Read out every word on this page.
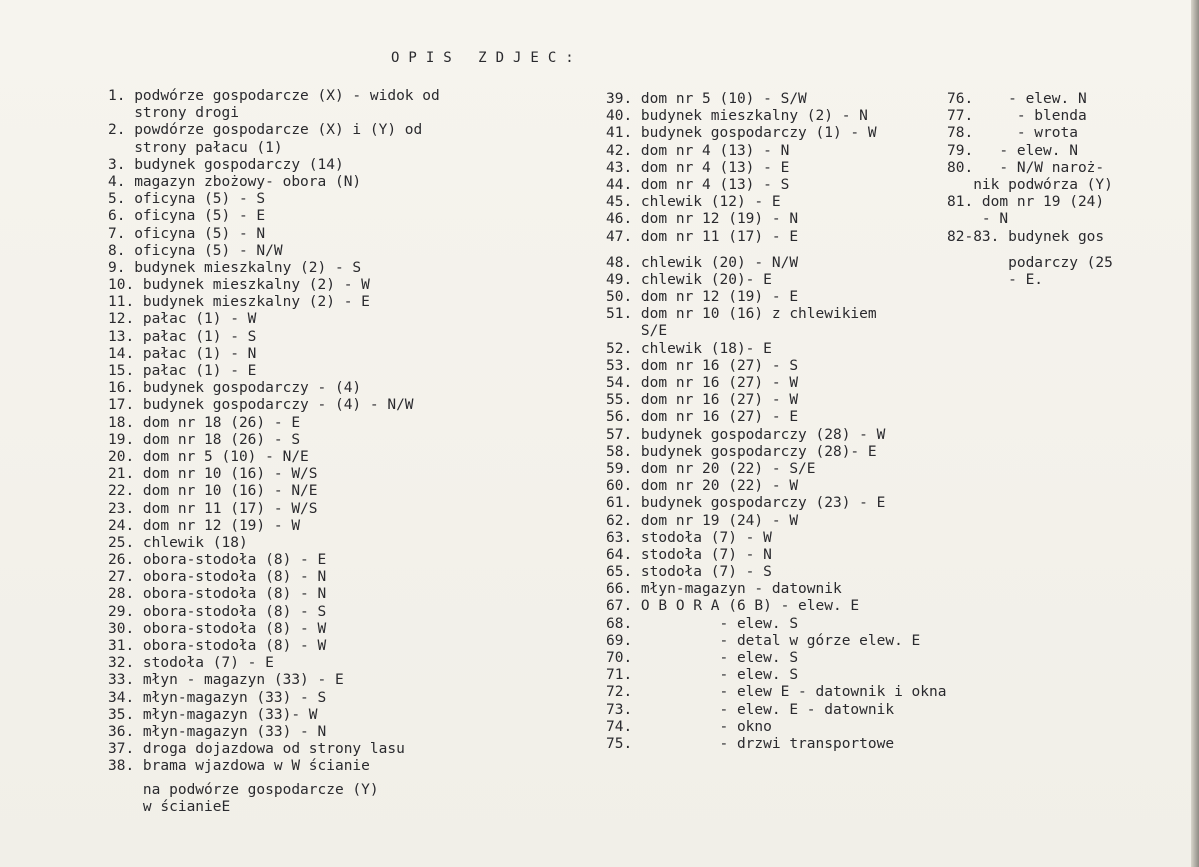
OPIS ZDJEC:
1. podwórze gospodarcze (X) - widok od
strony drogi
2. powdórze gospodarcze (X) i (Y) od
strony pałacu (1)
3. budynek gospodarczy (14)
4. magazyn zbożowy- obora (N)
5. oficyna (5) - S
6. oficyna (5) - E
7. oficyna (5) - N
8. oficyna (5) - N/W
9. budynek mieszkalny (2) - S
10. budynek mieszkalny (2) - W
11. budynek mieszkalny (2) - E
12. pałac (1) - W
13. pałac (1) - S
14. pałac (1) - N
15. pałac (1) - E
16. budynek gospodarczy - (4)
17. budynek gospodarczy - (4) - N/W
18. dom nr 18 (26) - E
19. dom nr 18 (26) - S
20. dom nr 5 (10) - N/E
21. dom nr 10 (16) - W/S
22. dom nr 10 (16) - N/E
23. dom nr 11 (17) - W/S
24. dom nr 12 (19) - W
25. chlewik (18)
26. obora-stodoła (8) - E
27. obora-stodoła (8) - N
28. obora-stodoła (8) - N
29. obora-stodoła (8) - S
30. obora-stodoła (8) - W
31. obora-stodoła (8) - W
32. stodoła (7) - E
33. młyn - magazyn (33) - E
34. młyn-magazyn (33) - S
35. młyn-magazyn (33)- W
36. młyn-magazyn (33) - N
37. droga dojazdowa od strony lasu
38. brama wjazdowa w W ścianie
na podwórze gospodarcze (Y)
w ścianieE
39. dom nr 5 (10) - S/W
40. budynek mieszkalny (2) - N
41. budynek gospodarczy (1) - W
42. dom nr 4 (13) - N
43. dom nr 4 (13) - E
44. dom nr 4 (13) - S
45. chlewik (12) - E
46. dom nr 12 (19) - N
47. dom nr 11 (17) - E
48. chlewik (20) - N/W
49. chlewik (20)- E
50. dom nr 12 (19) - E
51. dom nr 10 (16) z chlewikiem
S/E
52. chlewik (18)- E
53. dom nr 16 (27) - S
54. dom nr 16 (27) - W
55. dom nr 16 (27) - W
56. dom nr 16 (27) - E
57. budynek gospodarczy (28) - W
58. budynek gospodarczy (28)- E
59. dom nr 20 (22) - S/E
60. dom nr 20 (22) - W
61. budynek gospodarczy (23) - E
62. dom nr 19 (24) - W
63. stodoła (7) - W
64. stodoła (7) - N
65. stodoła (7) - S
66. młyn-magazyn - datownik
67. O B O R A (6 B) - elew. E
68.          - elew. S
69.          - detal w górze elew. E
70.          - elew. S
71.          - elew. S
72.          - elew E - datownik i okna
73.          - elew. E - datownik
74.          - okno
75.          - drzwi transportowe
76.    - elew. N
77.     - blenda
78.     - wrota
79.   - elew. N
80.   - N/W naroż-
nik podwórza (Y)
81. dom nr 19 (24)
- N
82-83. budynek gos
podarczy (25
- E.
